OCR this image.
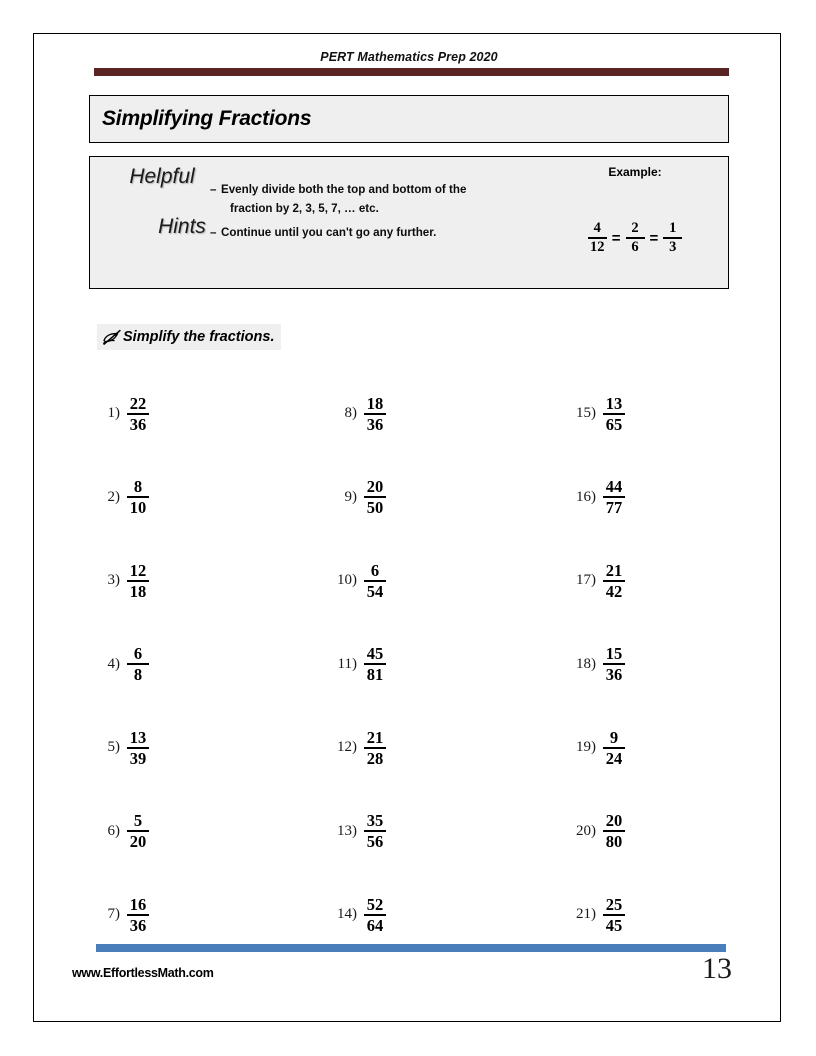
PERT Mathematics Prep 2020
Simplifying Fractions
Helpful
Hints
– Evenly divide both the top and bottom of the
fraction by 2, 3, 5, 7, … etc.
– Continue until you can't go any further.
Example:
$\frac{4}{12} = \frac{2}{6} = \frac{1}{3}$
Simplify the fractions.
$1) \frac{22}{36}$
$2) \frac{8}{10}$
$3) \frac{12}{18}$
$4) \frac{6}{8}$
$5) \frac{13}{39}$
$6) \frac{5}{20}$
$7) \frac{16}{36}$
$8) \frac{18}{36}$
$9) \frac{20}{50}$
$10) \frac{6}{54}$
$11) \frac{45}{81}$
$12) \frac{21}{28}$
$13) \frac{35}{56}$
$14) \frac{52}{64}$
$15) \frac{13}{65}$
$16) \frac{44}{77}$
$17) \frac{21}{42}$
$18) \frac{15}{36}$
$19) \frac{9}{24}$
$20) \frac{20}{80}$
$21) \frac{25}{45}$
www.EffortlessMath.com	13
